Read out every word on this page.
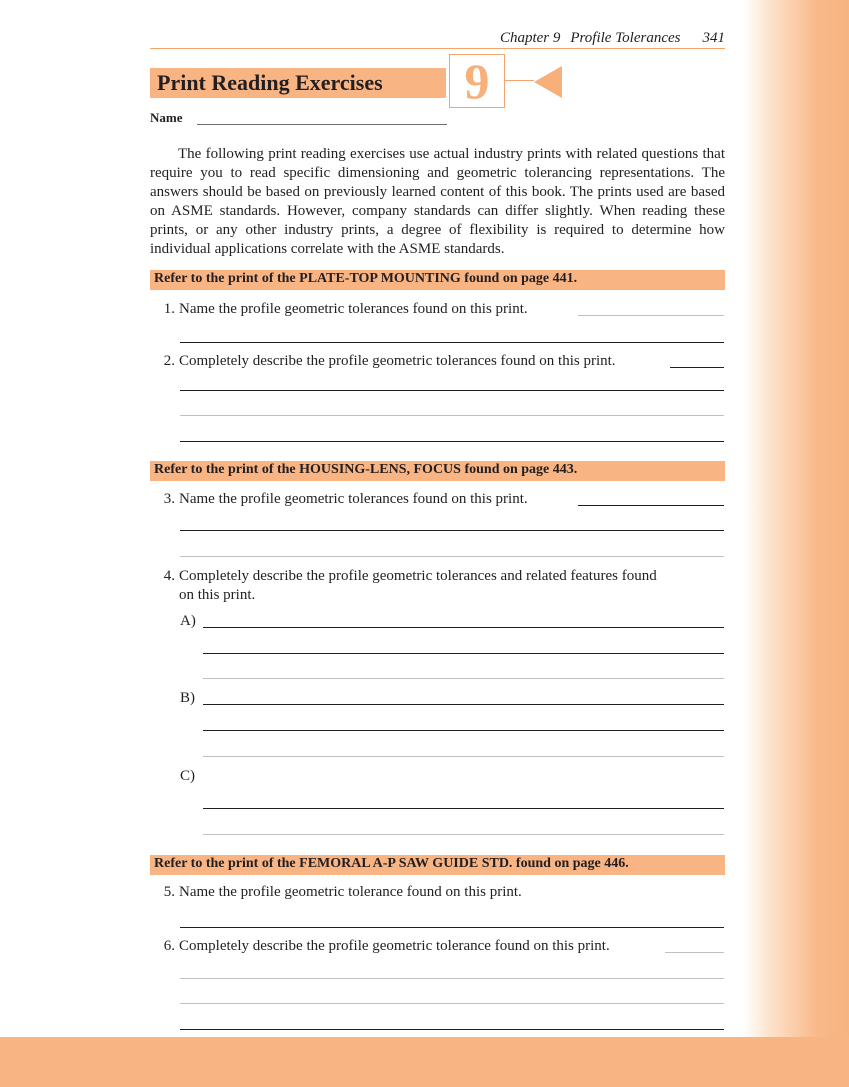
Chapter 9 Profile Tolerances 341
Print Reading Exercises 9
Name
The following print reading exercises use actual industry prints with related questions that require you to read specific dimensioning and geometric tolerancing representations. The answers should be based on previously learned content of this book. The prints used are based on ASME standards. However, company standards can differ slightly. When reading these prints, or any other industry prints, a degree of flexibility is required to determine how individual applications correlate with the ASME standards.
Refer to the print of the PLATE-TOP MOUNTING found on page 441.
1. Name the profile geometric tolerances found on this print.
2. Completely describe the profile geometric tolerances found on this print.
Refer to the print of the HOUSING-LENS, FOCUS found on page 443.
3. Name the profile geometric tolerances found on this print.
4. Completely describe the profile geometric tolerances and related features found
on this print.
A)
B)
C)
Refer to the print of the FEMORAL A-P SAW GUIDE STD. found on page 446.
5. Name the profile geometric tolerance found on this print.
6. Completely describe the profile geometric tolerance found on this print.
